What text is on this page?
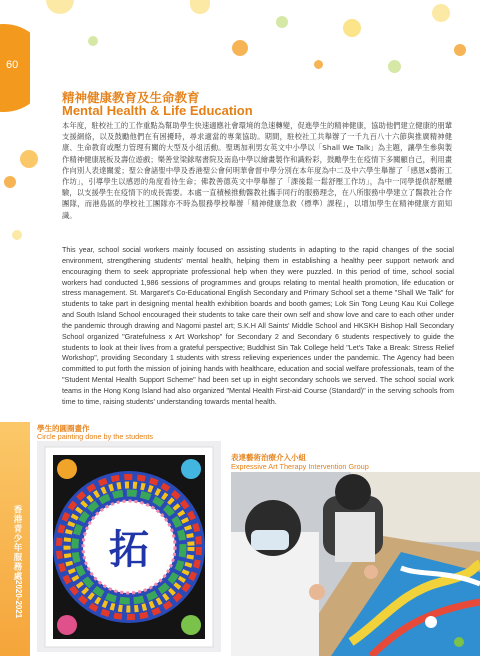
60
香港青少年服務處
2020-2021
精神健康教育及生命教育
Mental Health & Life Education

本年度，駐校社工的工作重點為幫助學生快速適應社會環境的急速轉變，促進學生的精神健康，協助他們建立健康的朋輩支援網絡，以及鼓勵他們在有困擾時，尋求適當的專業協助。期間，駐校社工共舉辦了一千九百八十六節與推廣精神健康、生命教育或壓力管理有關的大型及小組活動。聖瑪加利男女英文中小學以「Shall We Talk」為主題，讓學生參與製作精神健康展板及壽位遊戲；樂善堂梁銶琚書院及南島中學以繪畫製作和識粉彩，鼓勵學生在疫情下多關顧自己，利用畫作向別人表達關愛；聖公會諸聖中學及香港聖公會何明華會督中學分別在本年度為中二及中六學生舉辦了「感恩x藝術工作坊」，引導學生以感恩的角度看待生命；佛教善德英文中學舉辦了「課後鬆一鬆舒壓工作坊」，為中一同學提供舒壓體驗，以支援學生在疫情下的成長需要。本處一直積極推動醫教社攜手同行的服務理念，在八所服務中學建立了醫教社合作團隊，而港島區的學校社工團隊亦不時為服務學校舉辦「精神健康急救（標準）課程」，以增加學生在精神健康方面知識。

This year, school social workers mainly focused on assisting students in adapting to the rapid changes of the social environment, strengthening students' mental health, helping them in establishing a healthy peer support network and encouraging them to seek appropriate professional help when they were puzzled. In this period of time, school social workers had conducted 1,986 sessions of programmes and groups relating to mental health promotion, life education or stress management. St. Margaret's Co-Educational English Secondary and Primary School set a theme "Shall We Talk" for students to take part in designing mental health exhibition boards and booth games; Lok Sin Tong Leung Kau Kui College and South Island School encouraged their students to take care their own self and show love and care to each other under the pandemic through drawing and Nagomi pastel art; S.K.H All Saints' Middle School and HKSKH Bishop Hall Secondary School organized "Gratefulness x Art Workshop" for Secondary 2 and Secondary 6 students respectively to guide the students to look at their lives from a grateful perspective; Buddhist Sin Tak College held "Let's Take a Break: Stress Relief Workshop", providing Secondary 1 students with stress relieving experiences under the pandemic. The Agency had been committed to put forth the mission of joining hands with healthcare, education and social welfare professionals, team of the "Student Mental Health Support Scheme" had been set up in eight secondary schools we served. The school social work teams in the Hong Kong Island had also organized "Mental Health First-aid Course (Standard)" in the serving schools from time to time, raising students' understanding towards mental health.

學生的圓圈畫作
Circle painting done by the students
表達藝術治療介入小組
Expressive Art Therapy Intervention Group
拓
